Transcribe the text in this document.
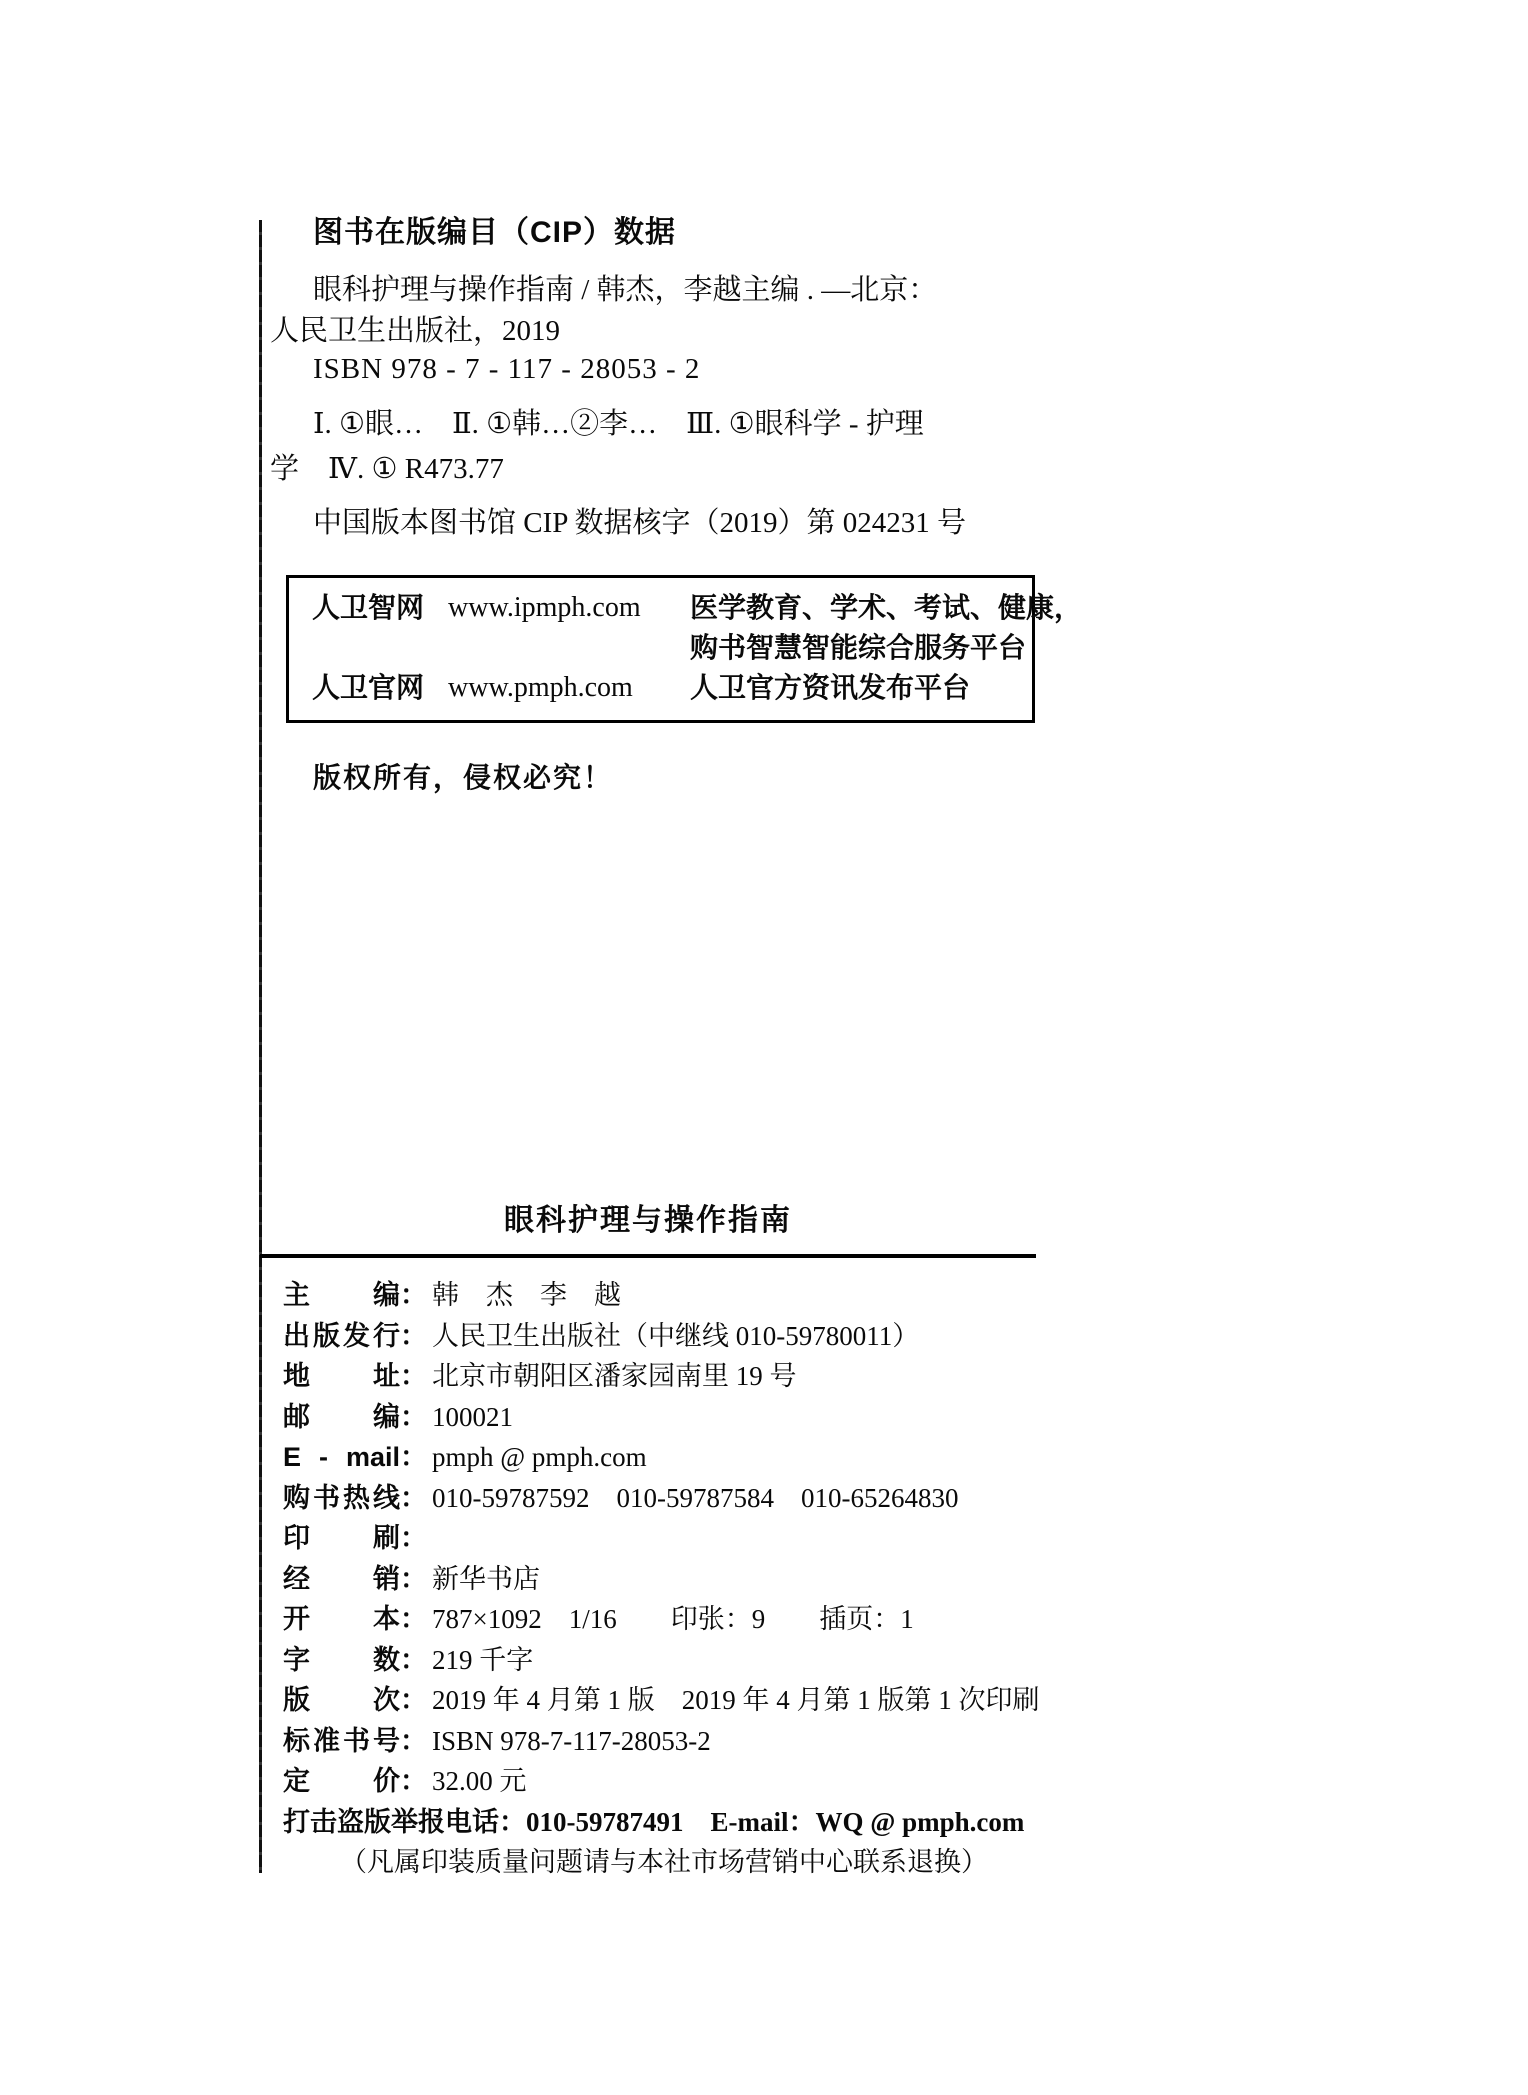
图书在版编目（CIP）数据
眼科护理与操作指南 / 韩杰，李越主编 . —北京：
人民卫生出版社，2019
ISBN 978 - 7 - 117 - 28053 - 2
Ⅰ. ①眼…　Ⅱ. ①韩…②李…　Ⅲ. ①眼科学 - 护理
学　Ⅳ. ① R473.77
中国版本图书馆 CIP 数据核字（2019）第 024231 号
人卫智网 www.ipmph.com	医学教育、学术、考试、健康，
购书智慧智能综合服务平台
人卫官网 www.pmph.com	人卫官方资讯发布平台
版权所有，侵权必究！
眼科护理与操作指南
主编： 韩　杰　李　越
出版发行： 人民卫生出版社（中继线 010-59780011）
地址： 北京市朝阳区潘家园南里 19 号
邮编： 100021
E - mail： pmph @ pmph.com
购书热线： 010-59787592　010-59787584　010-65264830
印刷：
经销： 新华书店
开本： 787×1092　1/16　　印张：9　　插页：1
字数： 219 千字
版次： 2019 年 4 月第 1 版　2019 年 4 月第 1 版第 1 次印刷
标准书号： ISBN 978-7-117-28053-2
定价： 32.00 元
打击盗版举报电话：010-59787491　E-mail：WQ @ pmph.com
（凡属印装质量问题请与本社市场营销中心联系退换）
